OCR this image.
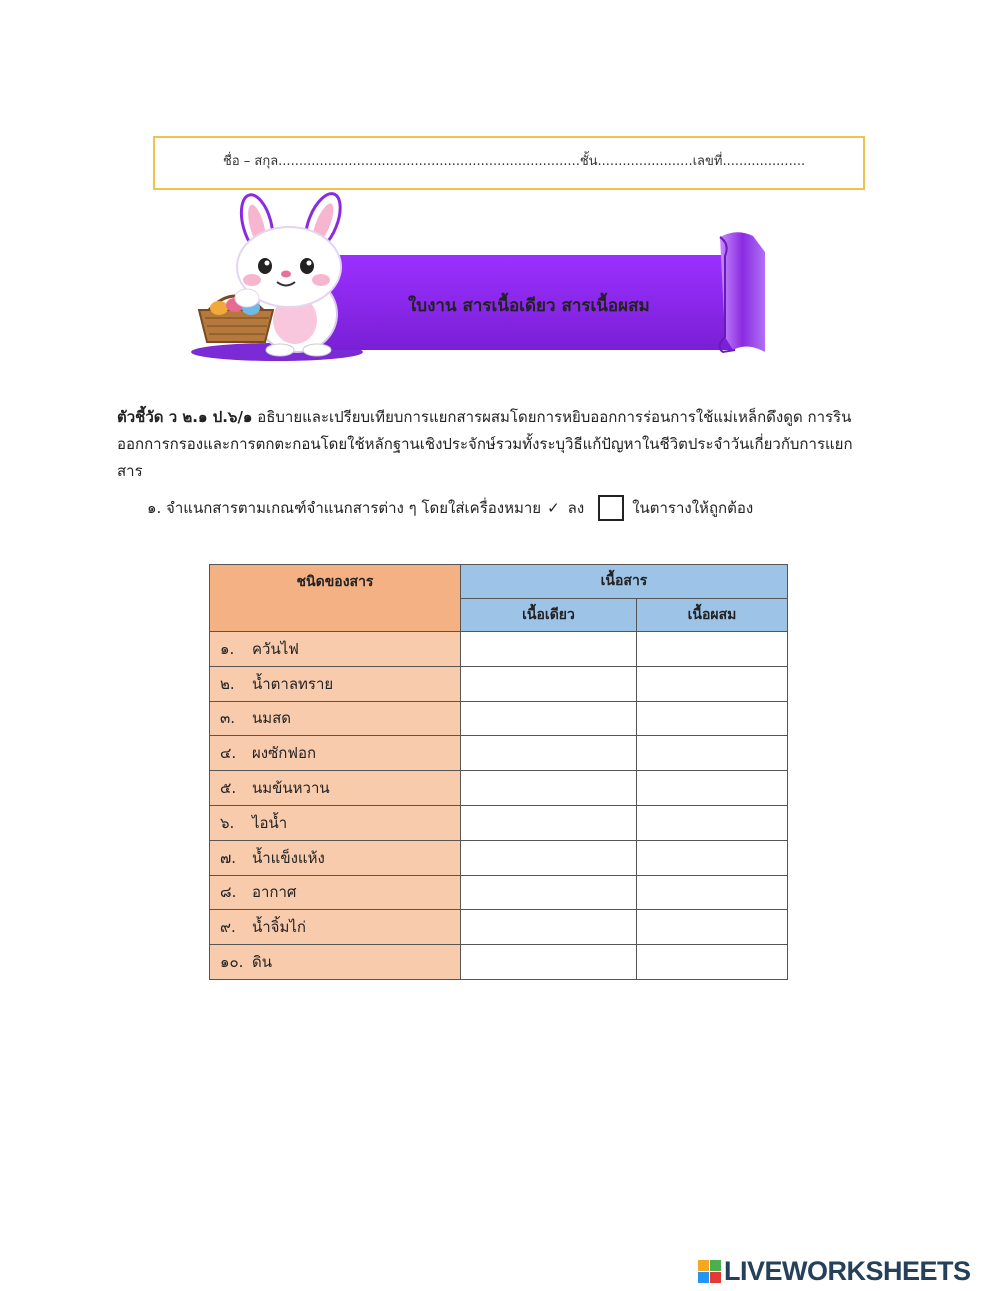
ชื่อ – สกุล.........................................................................ชั้น.......................เลขที่....................
ใบงาน สารเนื้อเดียว สารเนื้อผสม
ตัวชี้วัด ว ๒.๑ ป.๖/๑ อธิบายและเปรียบเทียบการแยกสารผสมโดยการหยิบออกการร่อนการใช้แม่เหล็กดึงดูด การรินออกการกรองและการตกตะกอนโดยใช้หลักฐานเชิงประจักษ์รวมทั้งระบุวิธีแก้ปัญหาในชีวิตประจำวันเกี่ยวกับการแยกสาร
๑. จำแนกสารตามเกณฑ์จำแนกสารต่าง ๆ โดยใส่เครื่องหมาย ✓ ลง	ในตารางให้ถูกต้อง
ชนิดของสาร	เนื้อสาร	
	เนื้อเดียว	เนื้อผสม
๑. ควันไฟ		
๒. น้ำตาลทราย		
๓. นมสด		
๔. ผงซักฟอก		
๕. นมข้นหวาน		
๖. ไอน้ำ		
๗. น้ำแข็งแห้ง		
๘. อากาศ		
๙. น้ำจิ้มไก่		
๑๐. ดิน		
LIVEWORKSHEETS
